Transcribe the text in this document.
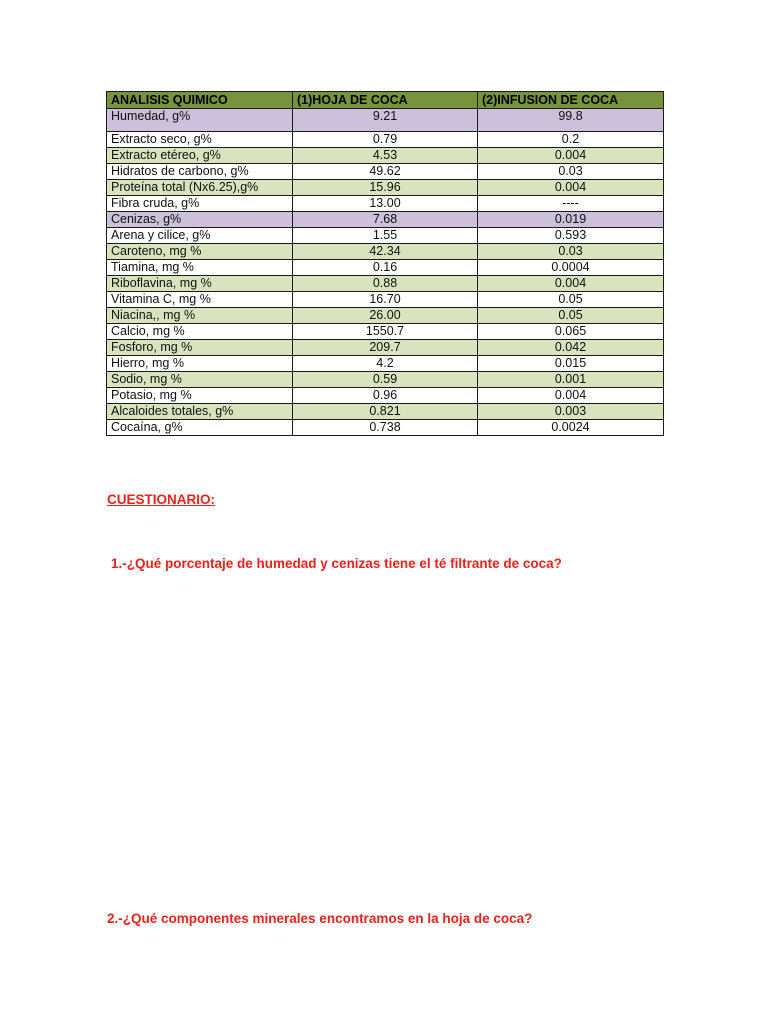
ANALISIS QUIMICO	(1)HOJA DE COCA	(2)INFUSION DE COCA
Humedad, g%	9.21	99.8
Extracto seco, g%	0.79	0.2
Extracto etéreo, g%	4.53	0.004
Hidratos de carbono, g%	49.62	0.03
Proteína total (Nx6.25),g%	15.96	0.004
Fibra cruda, g%	13.00	----
Cenizas, g%	7.68	0.019
Arena y cilice, g%	1.55	0.593
Caroteno, mg %	42.34	0.03
Tiamina, mg %	0.16	0.0004
Riboflavina, mg %	0.88	0.004
Vitamina C, mg %	16.70	0.05
Niacina,, mg %	26.00	0.05
Calcio, mg %	1550.7	0.065
Fosforo, mg %	209.7	0.042
Hierro, mg %	4.2	0.015
Sodio, mg %	0.59	0.001
Potasio, mg %	0.96	0.004
Alcaloides totales, g%	0.821	0.003
Cocaína, g%	0.738	0.0024
CUESTIONARIO:
1.-¿Qué porcentaje de humedad y cenizas tiene el té filtrante de coca?
2.-¿Qué componentes minerales encontramos en la hoja de coca?
